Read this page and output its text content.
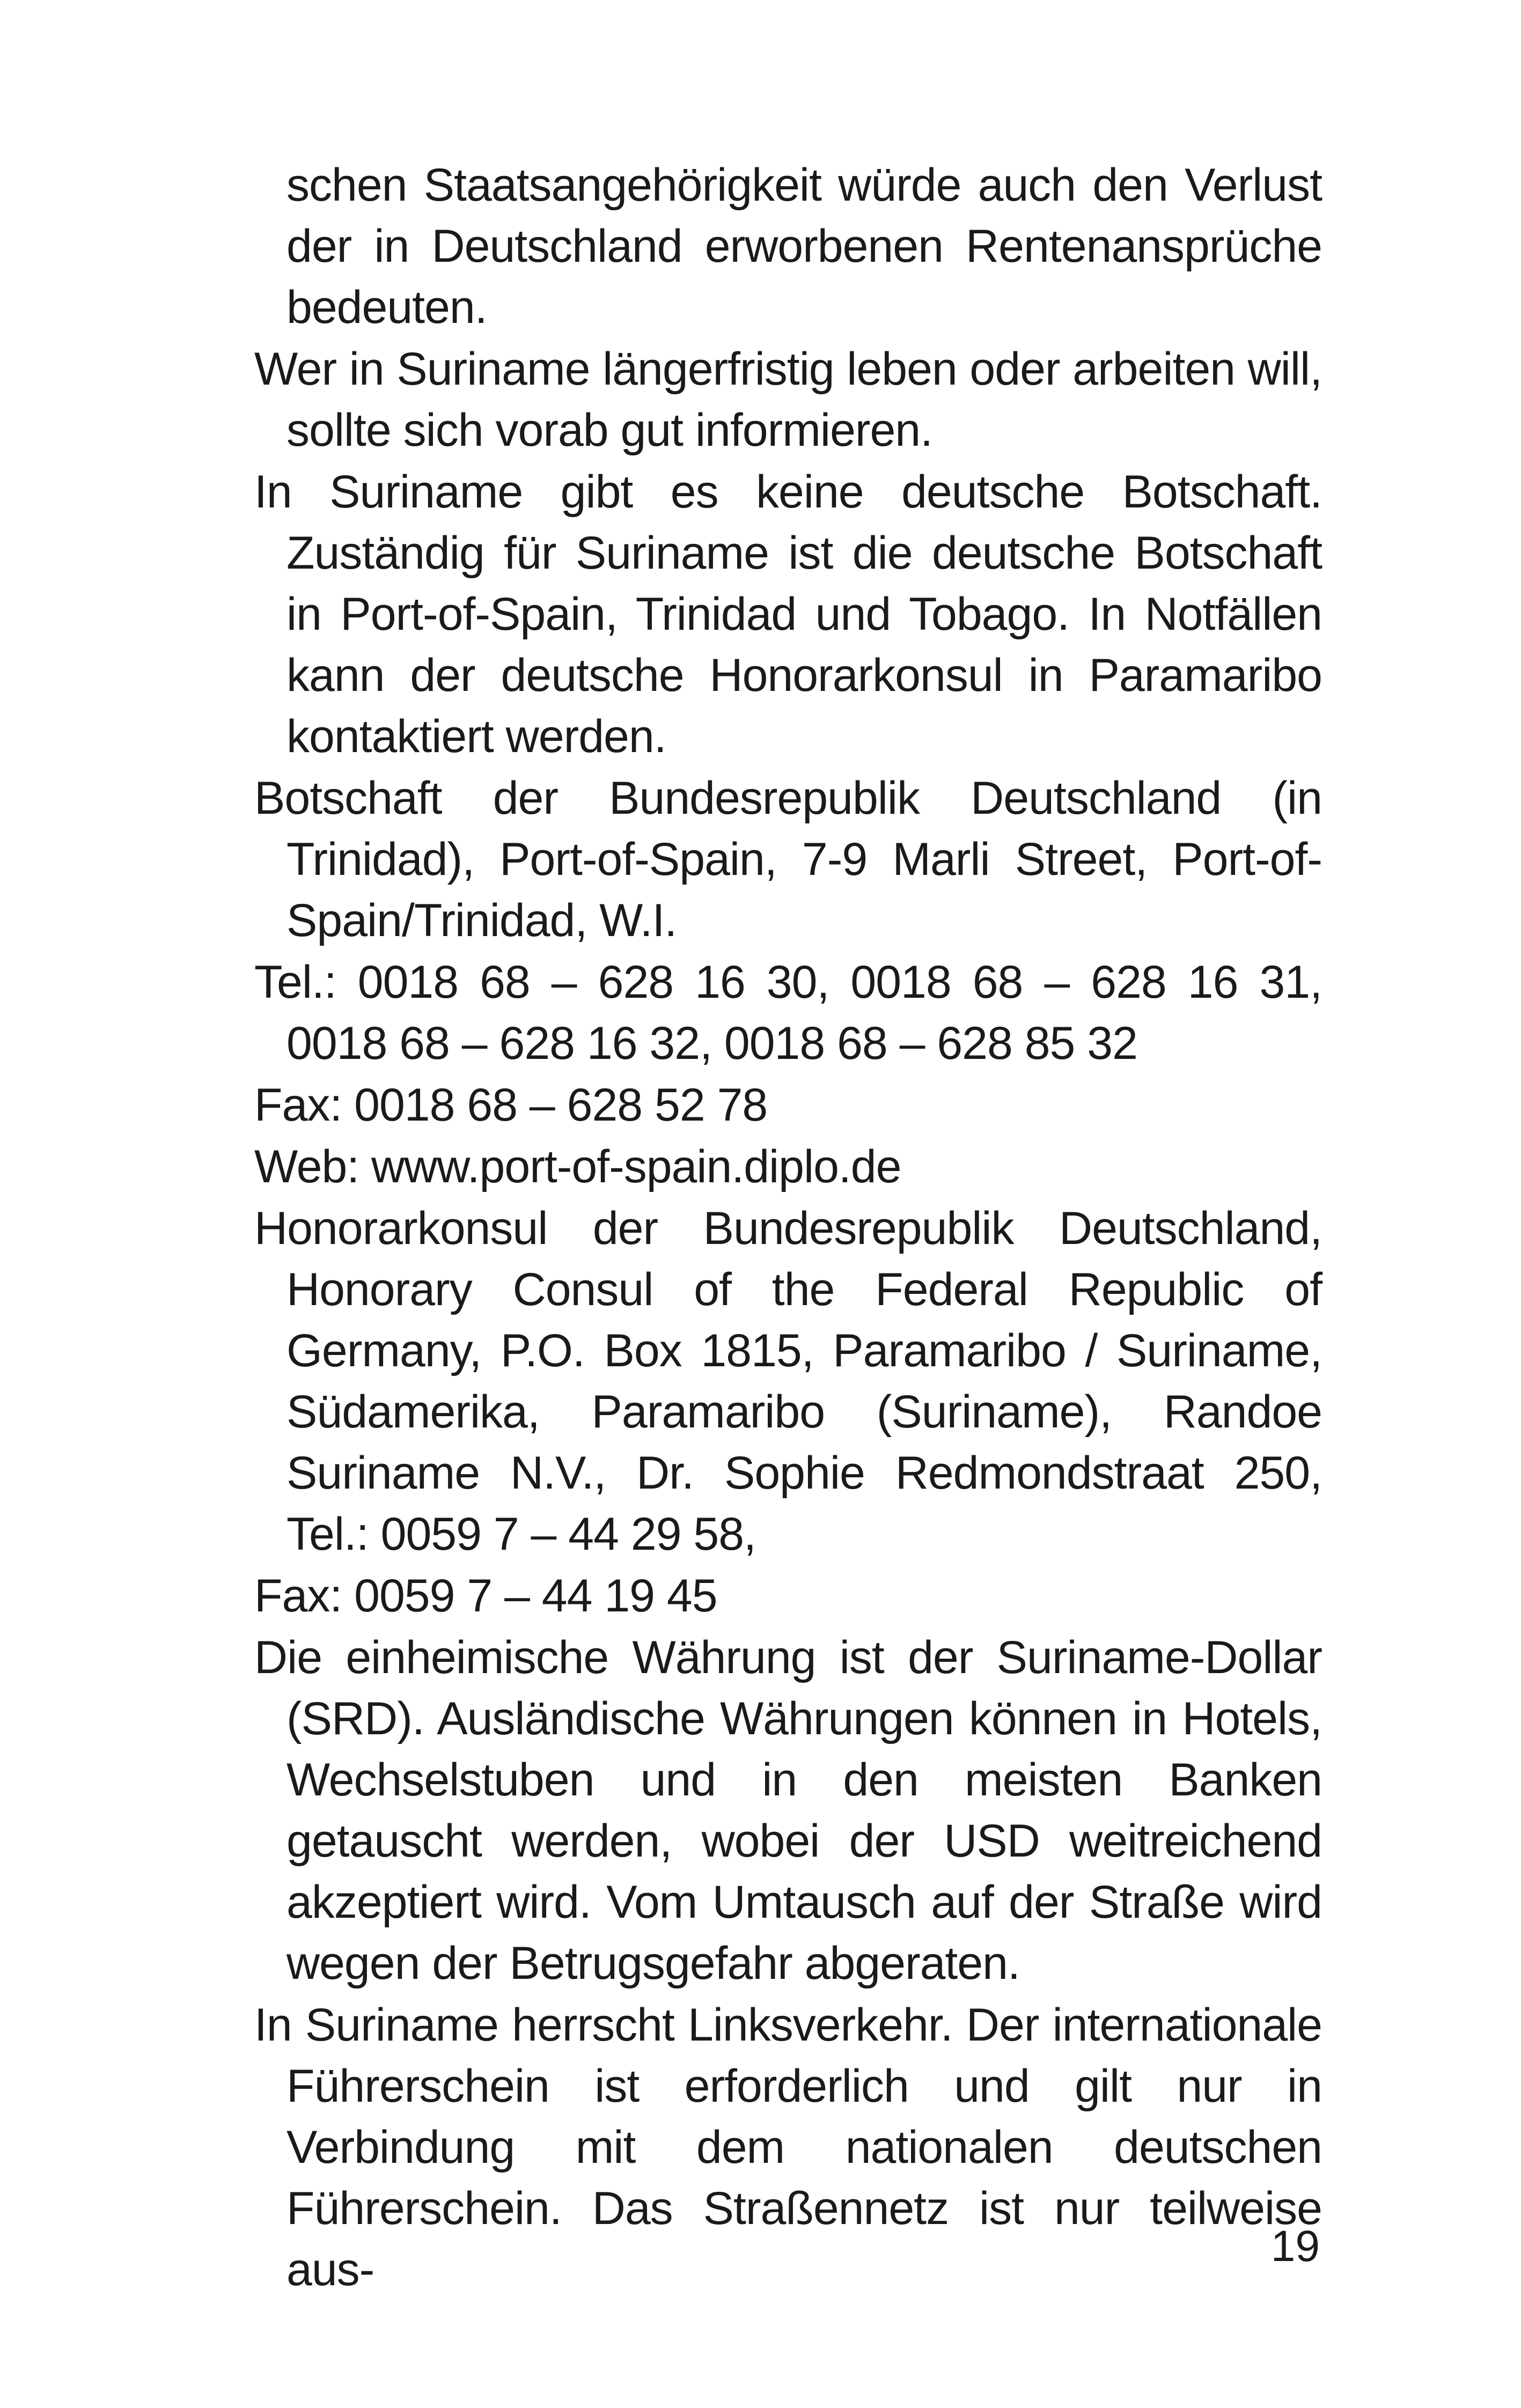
schen Staatsangehörigkeit würde auch den Verlust der in Deutschland erworbenen Rentenansprüche bedeuten.

Wer in Suriname längerfristig leben oder arbeiten will, sollte sich vorab gut informieren.

In Suriname gibt es keine deutsche Botschaft. Zuständig für Suriname ist die deutsche Botschaft in Port-of-Spain, Trinidad und Tobago. In Notfällen kann der deutsche Honorarkonsul in Paramaribo kontaktiert werden.

Botschaft der Bundesrepublik Deutschland (in Trinidad), Port-of-Spain, 7-9 Marli Street, Port-of-Spain/Trinidad, W.I.

Tel.: 0018 68 – 628 16 30, 0018 68 – 628 16 31, 0018 68 – 628 16 32, 0018 68 – 628 85 32

Fax: 0018 68 – 628 52 78

Web: www.port-of-spain.diplo.de

Honorarkonsul der Bundesrepublik Deutschland, Honorary Consul of the Federal Republic of Germany, P.O. Box 1815, Paramaribo / Suriname, Südamerika, Paramaribo (Suriname), Randoe Suriname N.V., Dr. Sophie Redmondstraat 250, Tel.: 0059 7 – 44 29 58,

Fax: 0059 7 – 44 19 45

Die einheimische Währung ist der Suriname-Dollar (SRD). Ausländische Währungen können in Hotels, Wechselstuben und in den meisten Banken getauscht werden, wobei der USD weitreichend akzeptiert wird. Vom Umtausch auf der Straße wird wegen der Betrugsgefahr abgeraten.

In Suriname herrscht Linksverkehr. Der internationale Führerschein ist erforderlich und gilt nur in Verbindung mit dem nationalen deutschen Führerschein. Das Straßennetz ist nur teilweise aus-	19
